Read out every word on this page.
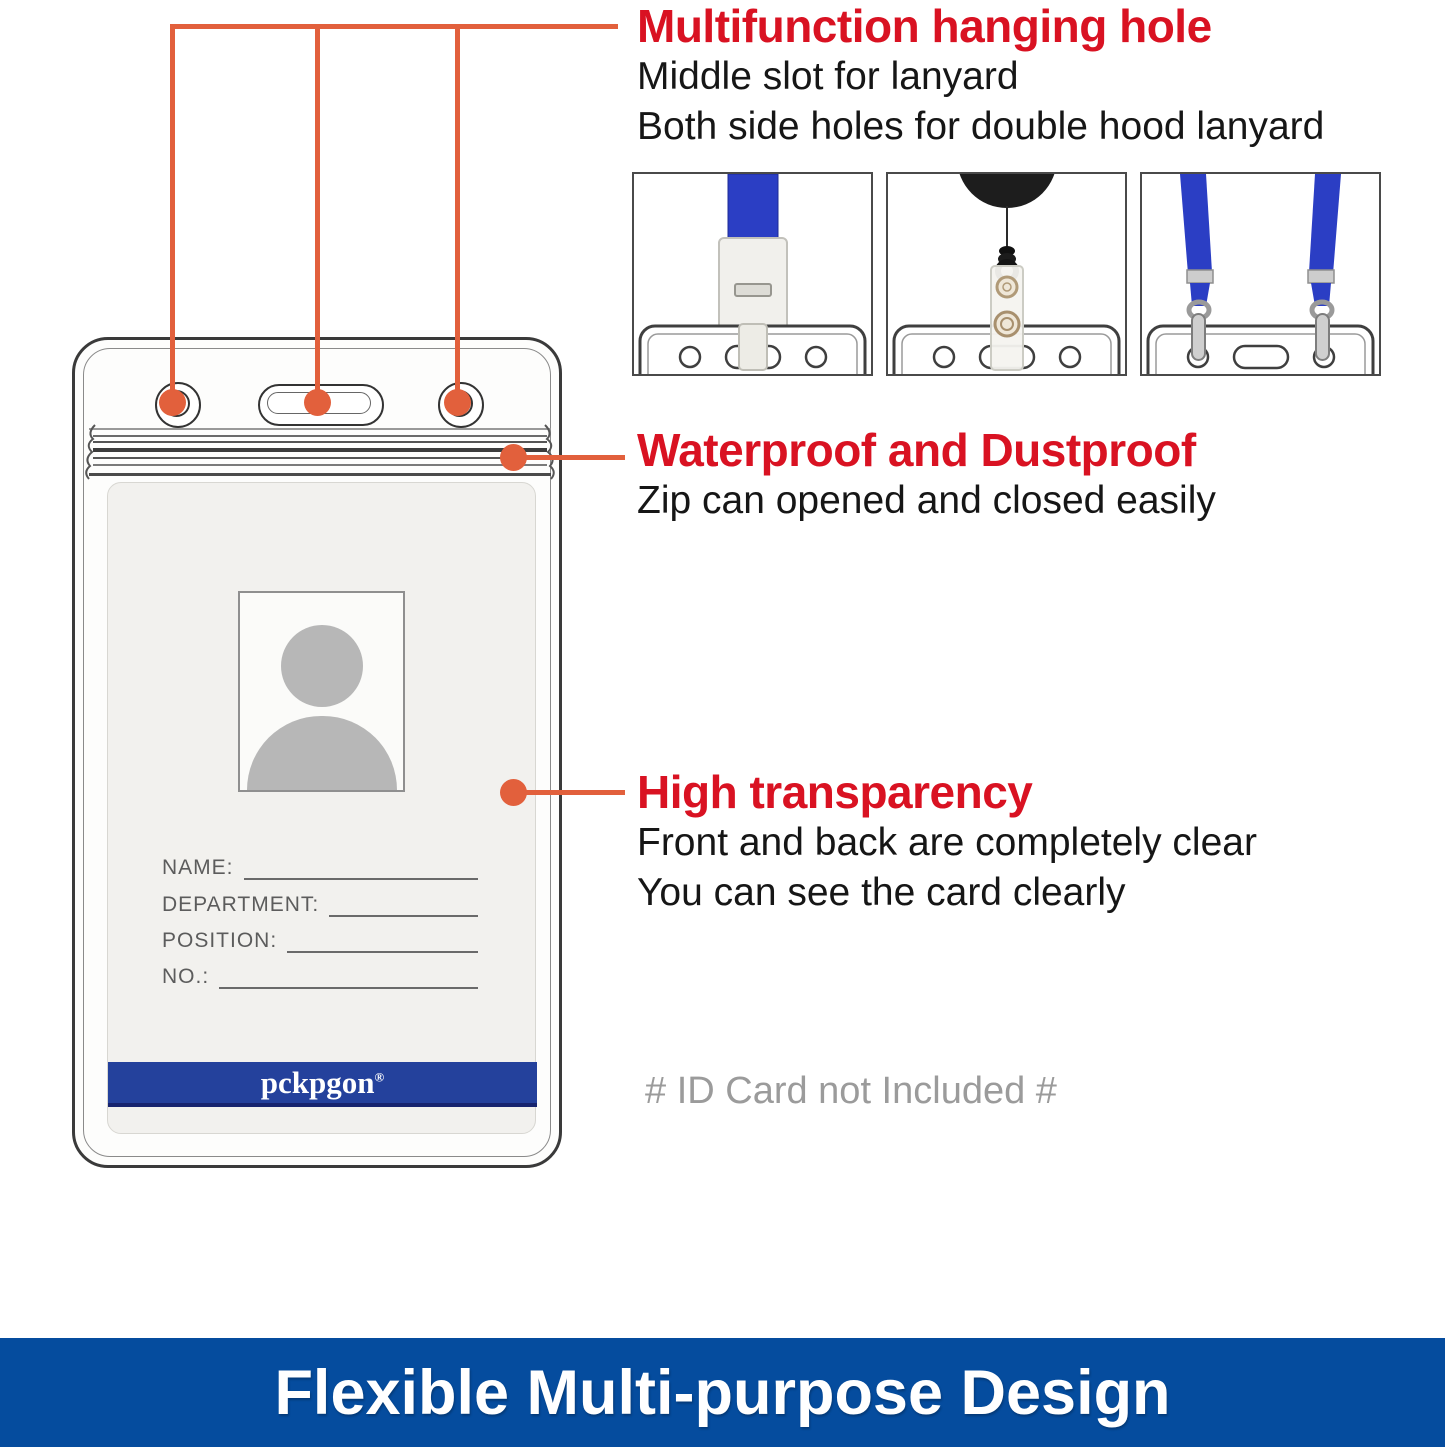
NAME:
DEPARTMENT:
POSITION:
NO.:
pckpgon®
Multifunction hanging hole

Middle slot for lanyard

Both side holes for double hood lanyard

Waterproof and Dustproof

Zip can opened and closed easily

High transparency

Front and back are completely clear

You can see the card clearly

# ID Card not Included #
Flexible Multi-purpose Design
